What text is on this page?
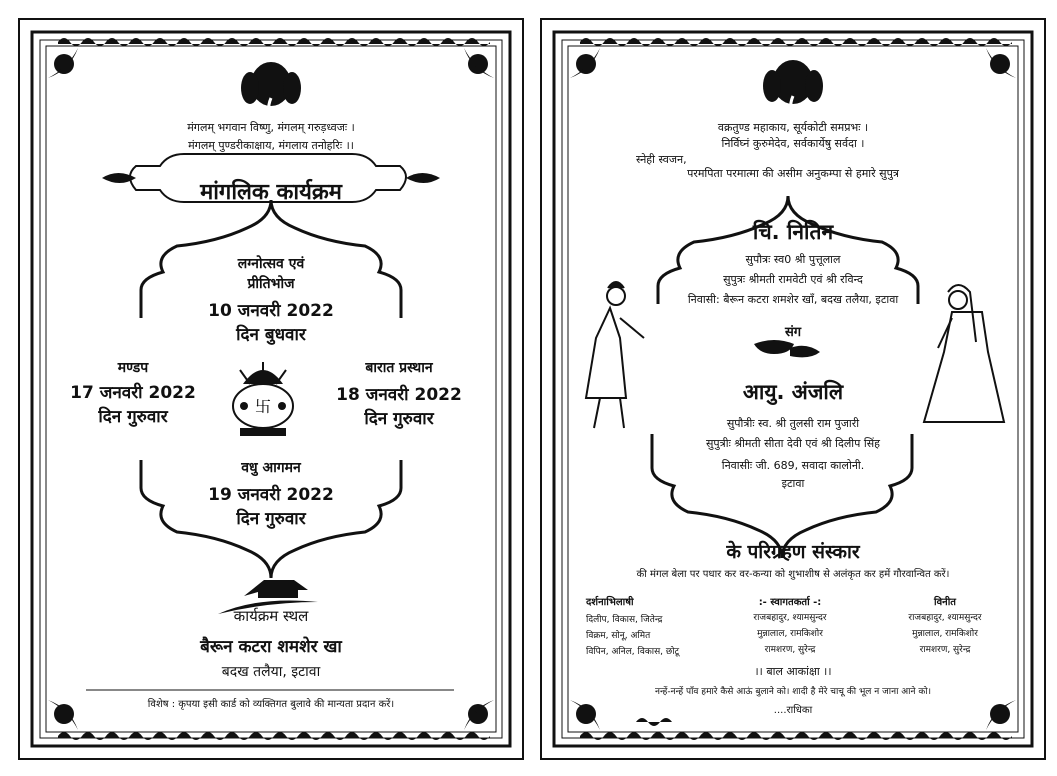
卐
मंगलम् भगवान विष्णु, मंगलम् गरुड़ध्वजः ।
मंगलम् पुण्डरीकाक्षाय, मंगलाय तनोहरिः ।।
मांगलिक कार्यक्रम
लग्नोत्सव एवं
प्रीतिभोज
10 जनवरी 2022
दिन बुधवार
मण्डप
17 जनवरी 2022
दिन गुरुवार
बारात प्रस्थान
18 जनवरी 2022
दिन गुरुवार
वधु आगमन
19 जनवरी 2022
दिन गुरुवार
कार्यक्रम स्थल
बैरून कटरा शमशेर खा
बदख तलैया, इटावा
विशेष : कृपया इसी कार्ड को व्यक्तिगत बुलावे की मान्यता प्रदान करें।
वक्रतुण्ड महाकाय, सूर्यकोटी समप्रभः ।
निर्विघ्नं कुरुमेदेव, सर्वकार्येषु सर्वदा ।
स्नेही स्वजन,
परमपिता परमात्मा की असीम अनुकम्पा से हमारे सुपुत्र
चि. नितिन
सुपौत्रः स्व0 श्री पुत्तूलाल
सुपुत्रः श्रीमती रामवेटी एवं श्री रविन्द
निवासी: बैरून कटरा शमशेर खाँ, बदख तलैया, इटावा
संग
आयु. अंजलि
सुपौत्रीः स्व. श्री तुलसी राम पुजारी
सुपुत्रीः श्रीमती सीता देवी एवं श्री दिलीप सिंह
निवासीः जी. 689, सवादा कालोनी.
इटावा
के परिग्रहण संस्कार
की मंगल बेला पर पधार कर वर-कन्या को शुभाशीष से अलंकृत कर हमें गौरवान्वित करें।
दर्शनाभिलाषी
दिलीप, विकास, जितेन्द्र
विक्रम, सोनू, अमित
विपिन, अनिल, विकास, छोटू
:- स्वागतकर्ता -:
राजबहादुर, श्यामसुन्दर
मुन्नालाल, रामकिशोर
रामशरण, सुरेन्द्र
विनीत
राजबहादुर, श्यामसुन्दर
मुन्नालाल, रामकिशोर
रामशरण, सुरेन्द्र
।। बाल आकांक्षा ।।
नन्हें-नन्हें पाँव हमारे कैसे आऊं बुलाने को। शादी है मेरे चाचू की भूल न जाना आने को।
....राधिका
